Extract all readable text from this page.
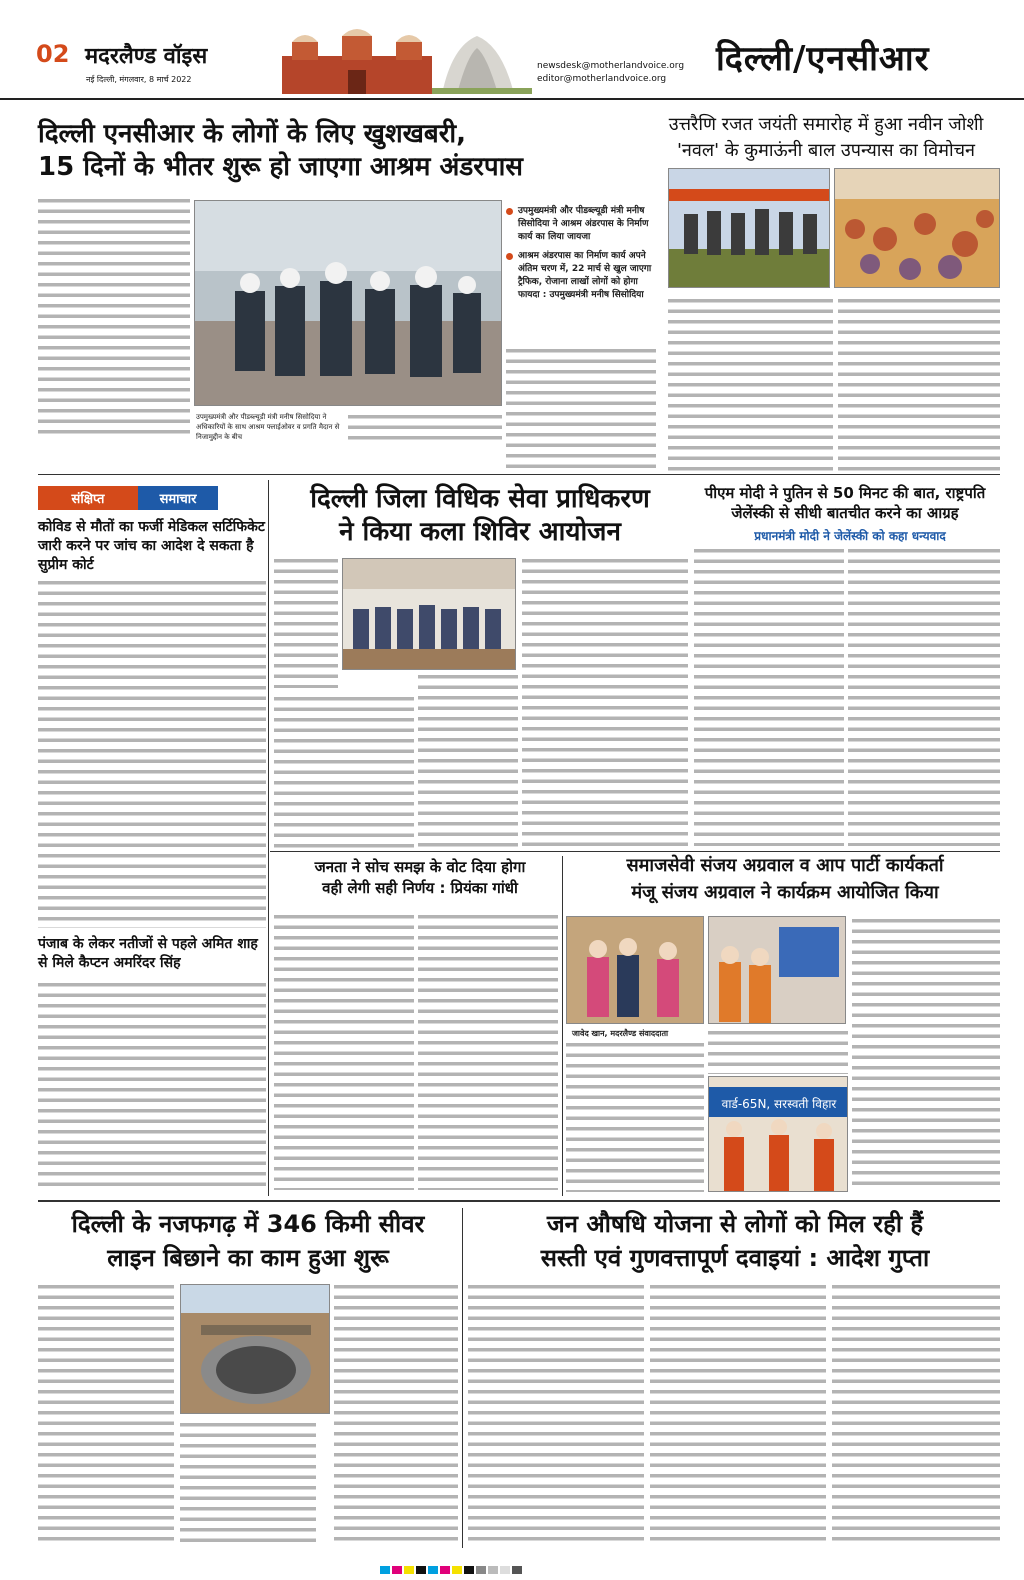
02 मदरलैण्ड वॉइस
नई दिल्ली, मंगलवार, 8 मार्च 2022
newsdesk@motherlandvoice.org
editor@motherlandvoice.org	दिल्ली/एनसीआर
दिल्ली एनसीआर के लोगों के लिए खुशखबरी,
15 दिनों के भीतर शुरू हो जाएगा आश्रम अंडरपास
उपमुख्यमंत्री और पीडब्ल्यूडी मंत्री मनीष सिसोदिया ने अधिकारियों के साथ आश्रम फ्लाईओवर व प्रगति मैदान से निजामुद्दीन के बीच
उपमुख्यमंत्री और पीडब्ल्यूडी मंत्री मनीष सिसोदिया ने आश्रम अंडरपास के निर्माण कार्य का लिया जायजा
आश्रम अंडरपास का निर्माण कार्य अपने अंतिम चरण में, 22 मार्च से खुल जाएगा ट्रैफिक, रोजाना लाखों लोगों को होगा फायदा : उपमुख्यमंत्री मनीष सिसोदिया
उत्तरैणि रजत जयंती समारोह में हुआ नवीन जोशी
'नवल' के कुमाऊंनी बाल उपन्यास का विमोचन
संक्षिप्त	समाचार
कोविड से मौतों का फर्जी मेडिकल सर्टिफिकेट जारी करने पर जांच का आदेश दे सकता है सुप्रीम कोर्ट
पंजाब के लेकर नतीजों से पहले अमित शाह से मिले कैप्टन अमरिंदर सिंह
दिल्ली जिला विधिक सेवा प्राधिकरण
ने किया कला शिविर आयोजन
पीएम मोदी ने पुतिन से 50 मिनट की बात, राष्ट्रपति
जेलेंस्की से सीधी बातचीत करने का आग्रह
प्रधानमंत्री मोदी ने जेलेंस्की को कहा धन्यवाद
जनता ने सोच समझ के वोट दिया होगा
वही लेगी सही निर्णय : प्रियंका गांधी
समाजसेवी संजय अग्रवाल व आप पार्टी कार्यकर्ता
मंजू संजय अग्रवाल ने कार्यक्रम आयोजित किया
जावेद खान, मदरलैण्ड संवाददाता
वार्ड-65N, सरस्वती विहार
दिल्ली के नजफगढ़ में 346 किमी सीवर
लाइन बिछाने का काम हुआ शुरू
जन औषधि योजना से लोगों को मिल रही हैं
सस्ती एवं गुणवत्तापूर्ण दवाइयां : आदेश गुप्ता
